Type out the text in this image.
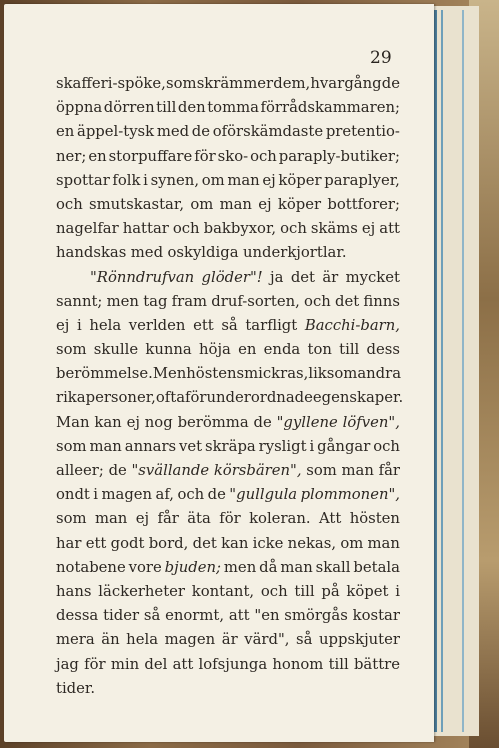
29
skafferi-spöke, som skrämmer dem, hvar gång de
öppna dörren till den tomma förrådskammaren;
en äppel-tysk med de oförskämdaste pretentio-
ner; en storpuffare för sko- och paraply-butiker;
spottar folk i synen, om man ej köper paraplyer,
och smutskastar, om man ej köper bottforer;
nagelfar hattar och bakbyxor, och skäms ej att
handskas med oskyldiga underkjortlar.
"Rönndrufvan glöder"! ja det är mycket
sannt; men tag fram druf-sorten, och det finns
ej i hela verlden ett så tarfligt Bacchi-barn,
som skulle kunna höja en enda ton till dess
berömmelse. Men hösten smickras, liksom andra
rika personer, ofta för underordnade egenskaper.
Man kan ej nog berömma de "gyllene löfven",
som man annars vet skräpa rysligt i gångar och
alleer; de "svällande körsbären", som man får
ondt i magen af, och de "gullgula plommonen",
som man ej får äta för koleran. Att hösten
har ett godt bord, det kan icke nekas, om man
notabene vore bjuden; men då man skall betala
hans läckerheter kontant, och till på köpet i
dessa tider så enormt, att "en smörgås kostar
mera än hela magen är värd", så uppskjuter
jag för min del att lofsjunga honom till bättre
tider.
